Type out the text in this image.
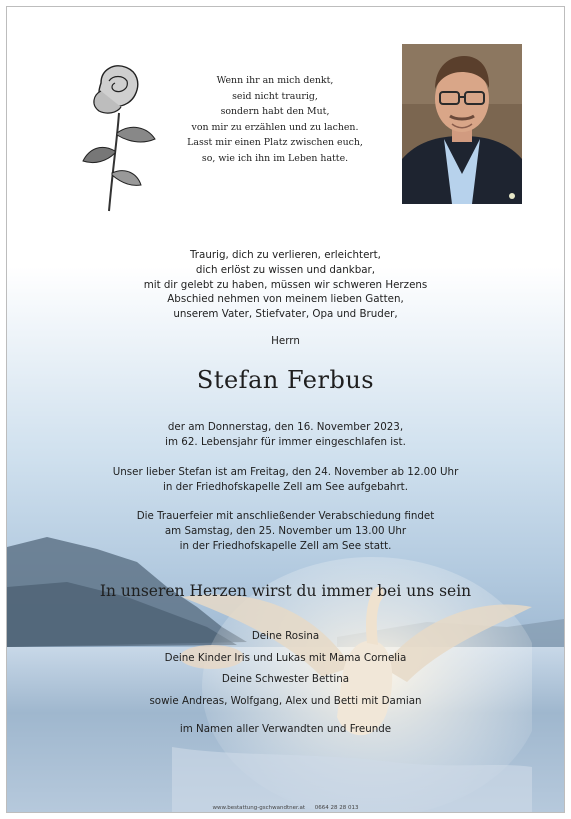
Wenn ihr an mich denkt,
seid nicht traurig,
sondern habt den Mut,
von mir zu erzählen und zu lachen.
Lasst mir einen Platz zwischen euch,
so, wie ich ihn im Leben hatte.
Traurig, dich zu verlieren, erleichtert,
dich erlöst zu wissen und dankbar,
mit dir gelebt zu haben, müssen wir schweren Herzens
Abschied nehmen von meinem lieben Gatten,
unserem Vater, Stiefvater, Opa und Bruder,
Herrn
Stefan Ferbus
der am Donnerstag, den 16. November 2023,
im 62. Lebensjahr für immer eingeschlafen ist.
Unser lieber Stefan ist am Freitag, den 24. November ab 12.00 Uhr
in der Friedhofskapelle Zell am See aufgebahrt.
Die Trauerfeier mit anschließender Verabschiedung findet
am Samstag, den 25. November um 13.00 Uhr
in der Friedhofskapelle Zell am See statt.
In unseren Herzen wirst du immer bei uns sein
Deine Rosina
Deine Kinder Iris und Lukas mit Mama Cornelia
Deine Schwester Bettina
sowie Andreas, Wolfgang, Alex und Betti mit Damian
im Namen aller Verwandten und Freunde
www.bestattung-gschwandtner.at 0664 28 28 013
